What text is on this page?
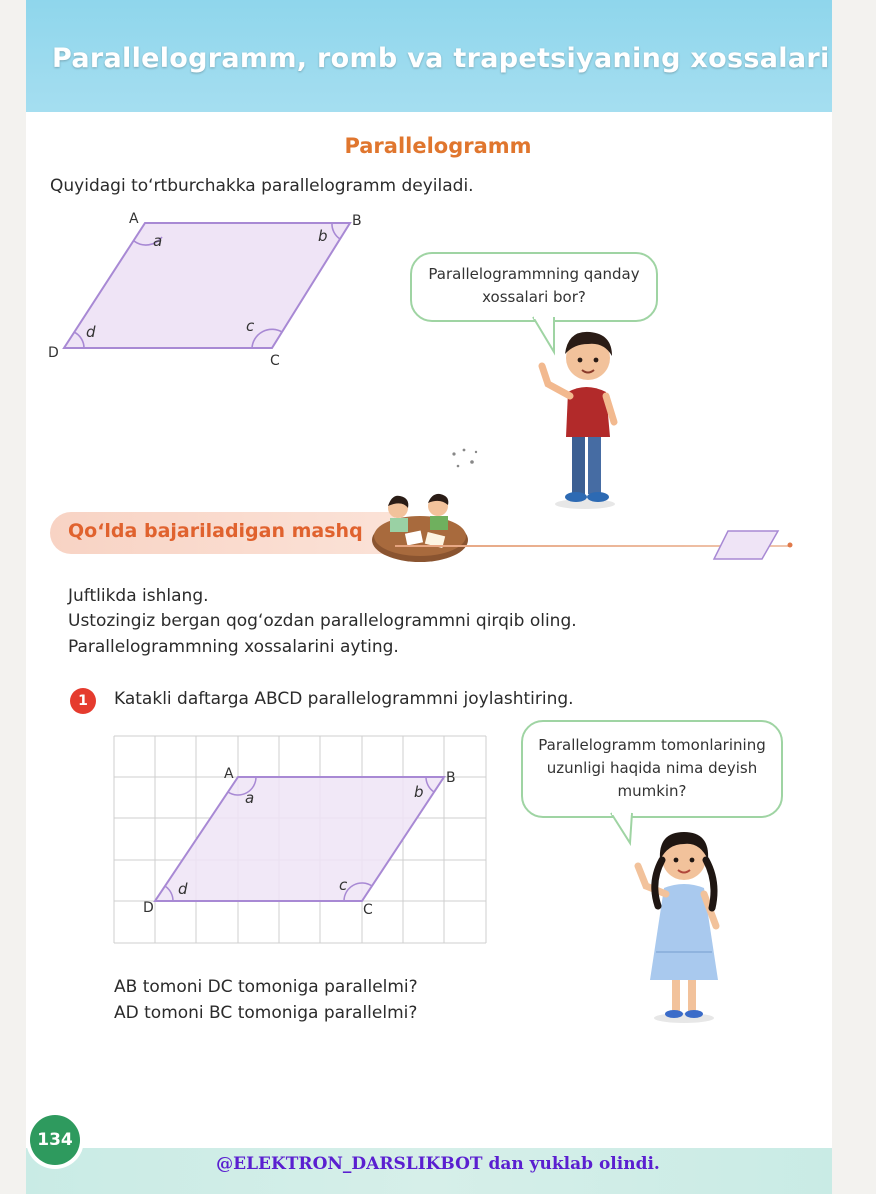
Parallelogramm, romb va trapetsiyaning xossalari
Parallelogramm
Quyidagi to‘rtburchakka parallelogramm deyiladi.
A	B
C
D
a	b
c
d
Parallelogrammning qanday
xossalari bor?
Qo‘lda bajariladigan mashq
Juftlikda ishlang.
Ustozingiz bergan qog‘ozdan parallelogrammni qirqib oling.
Parallelogrammning xossalarini ayting.
1	Katakli daftarga ABCD parallelogrammni joylashtiring.
A	B
C
D
a	b
c
d
AB tomoni DC tomoniga parallelmi?
AD tomoni BC tomoniga parallelmi?
Parallelogramm tomonlarining
uzunligi haqida nima deyish
mumkin?
134
@ELEKTRON_DARSLIKBOT dan yuklab olindi.
